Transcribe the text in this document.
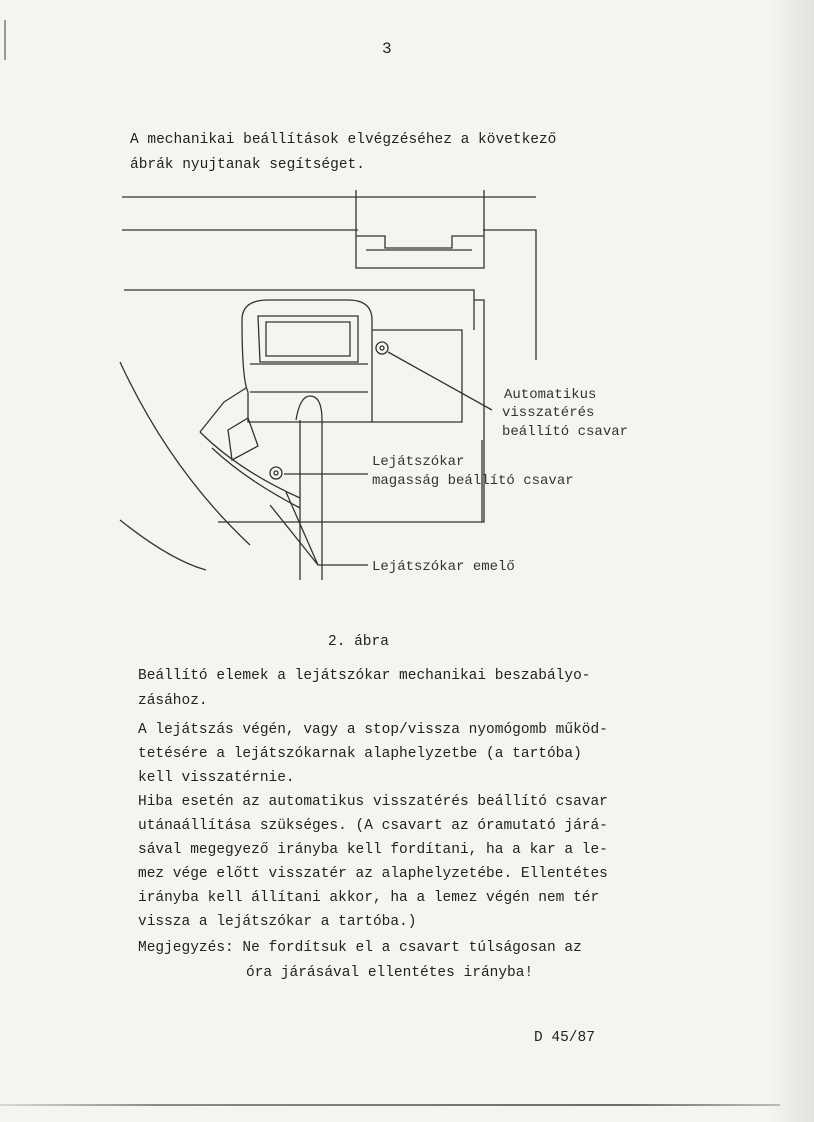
3
A mechanikai beállítások elvégzéséhez a következő
ábrák nyujtanak segítséget.
Automatikus
visszatérés
beállító csavar
Lejátszókar
magasság beállító csavar
Lejátszókar emelő
2. ábra
Beállító elemek a lejátszókar mechanikai beszabályo-
zásához.
A lejátszás végén, vagy a stop/vissza nyomógomb működ-
tetésére a lejátszókarnak alaphelyzetbe (a tartóba)
kell visszatérnie.
Hiba esetén az automatikus visszatérés beállító csavar
utánaállítása szükséges. (A csavart az óramutató járá-
sával megegyező irányba kell fordítani, ha a kar a le-
mez vége előtt visszatér az alaphelyzetébe. Ellentétes
irányba kell állítani akkor, ha a lemez végén nem tér
vissza a lejátszókar a tartóba.)
Megjegyzés: Ne fordítsuk el a csavart túlságosan az
óra járásával ellentétes irányba!
D 45/87
